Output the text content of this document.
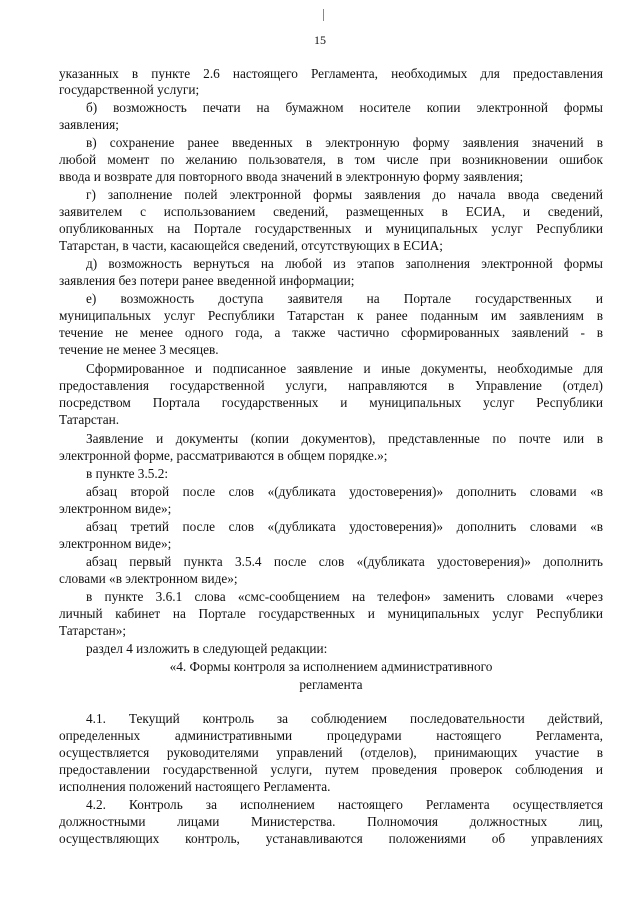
15
указанных в пункте 2.6 настоящего Регламента, необходимых для предоставления
государственной услуги;
б) возможность печати на бумажном носителе копии электронной формы
заявления;
в) сохранение ранее введенных в электронную форму заявления значений в
любой момент по желанию пользователя, в том числе при возникновении ошибок
ввода и возврате для повторного ввода значений в электронную форму заявления;
г) заполнение полей электронной формы заявления до начала ввода сведений
заявителем с использованием сведений, размещенных в ЕСИА, и сведений,
опубликованных на Портале государственных и муниципальных услуг Республики
Татарстан, в части, касающейся сведений, отсутствующих в ЕСИА;
д) возможность вернуться на любой из этапов заполнения электронной формы
заявления без потери ранее введенной информации;
е) возможность доступа заявителя на Портале государственных и
муниципальных услуг Республики Татарстан к ранее поданным им заявлениям в
течение не менее одного года, а также частично сформированных заявлений - в
течение не менее 3 месяцев.
Сформированное и подписанное заявление и иные документы, необходимые для
предоставления государственной услуги, направляются в Управление (отдел)
посредством Портала государственных и муниципальных услуг Республики
Татарстан.
Заявление и документы (копии документов), представленные по почте или в
электронной форме, рассматриваются в общем порядке.»;
в пункте 3.5.2:
абзац второй после слов «(дубликата удостоверения)» дополнить словами «в
электронном виде»;
абзац третий после слов «(дубликата удостоверения)» дополнить словами «в
электронном виде»;
абзац первый пункта 3.5.4 после слов «(дубликата удостоверения)» дополнить
словами «в электронном виде»;
в пункте 3.6.1 слова «смс-сообщением на телефон» заменить словами «через
личный кабинет на Портале государственных и муниципальных услуг Республики
Татарстан»;
раздел 4 изложить в следующей редакции:
«4. Формы контроля за исполнением административного
регламента
4.1. Текущий контроль за соблюдением последовательности действий,
определенных административными процедурами настоящего Регламента,
осуществляется руководителями управлений (отделов), принимающих участие в
предоставлении государственной услуги, путем проведения проверок соблюдения и
исполнения положений настоящего Регламента.
4.2. Контроль за исполнением настоящего Регламента осуществляется
должностными лицами Министерства. Полномочия должностных лиц,
осуществляющих контроль, устанавливаются положениями об управлениях
